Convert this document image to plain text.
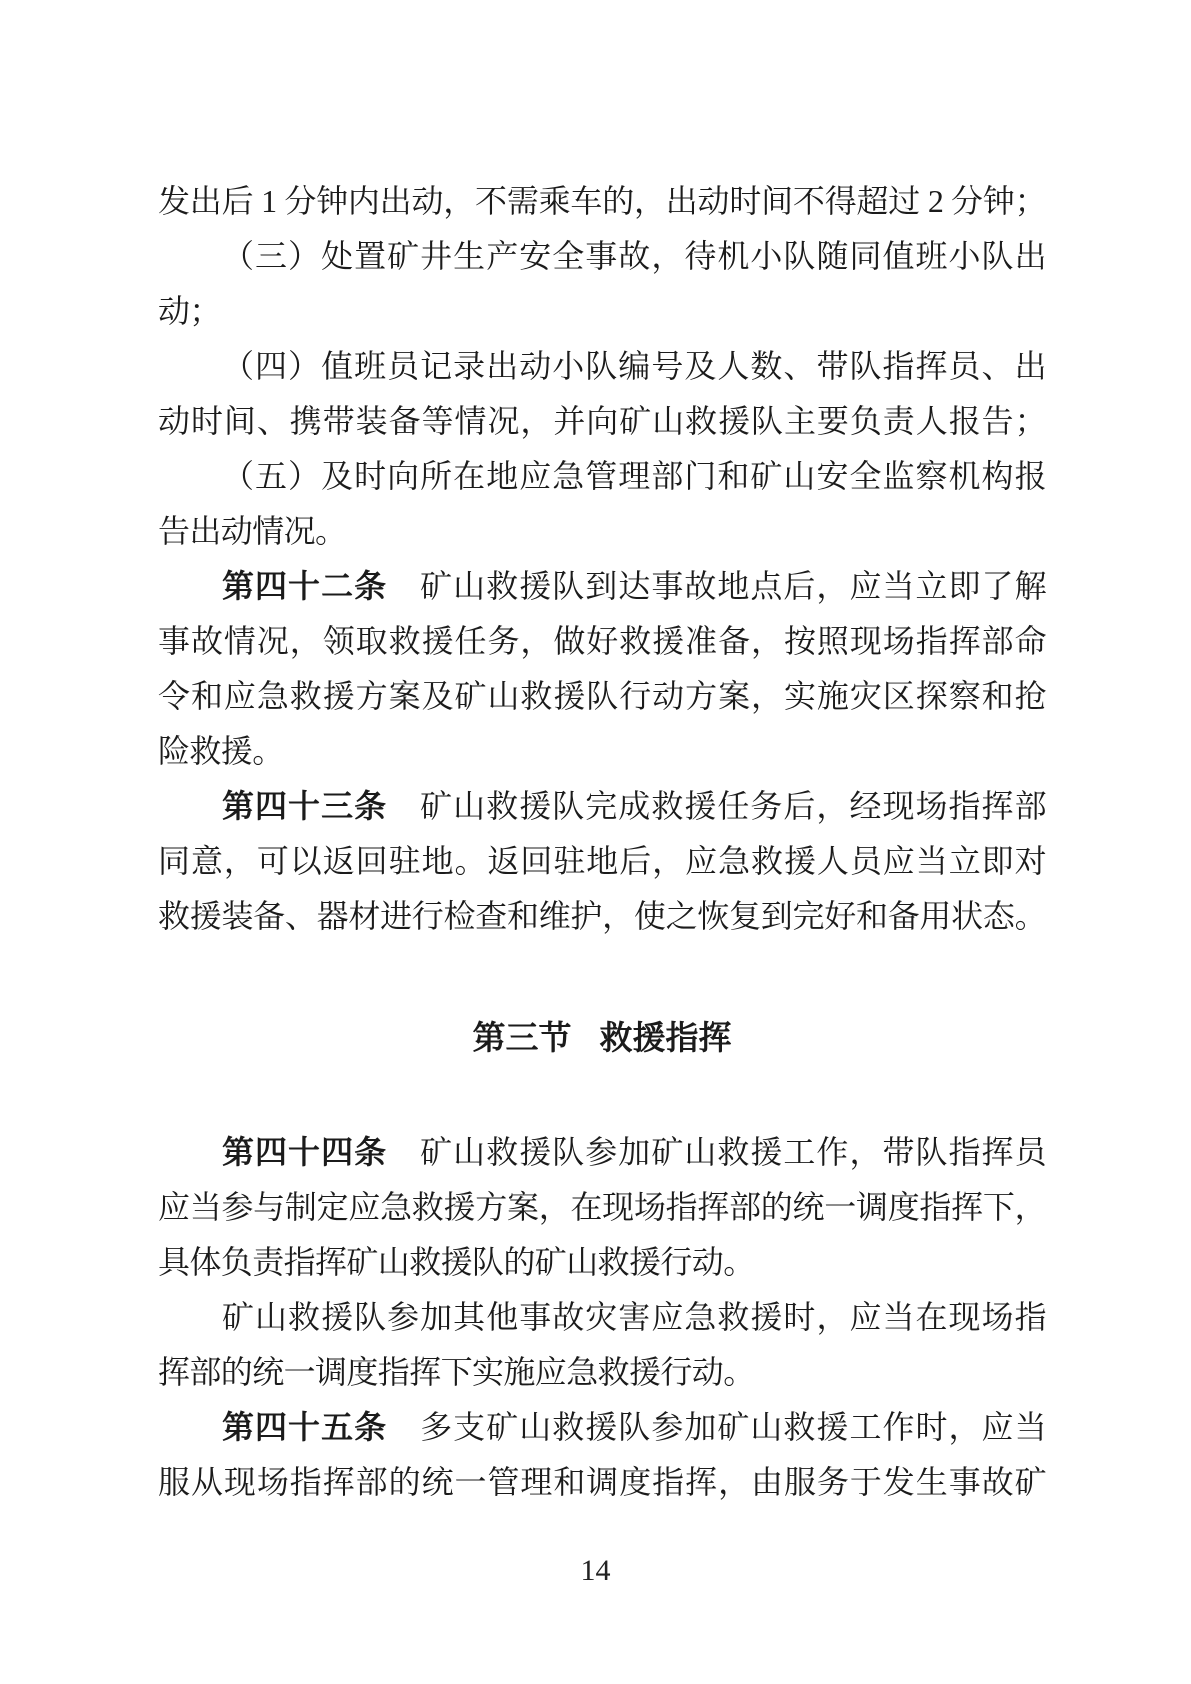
发出后 1 分钟内出动，不需乘车的，出动时间不得超过 2 分钟；
（三）处置矿井生产安全事故，待机小队随同值班小队出
动；
（四）值班员记录出动小队编号及人数、带队指挥员、出
动时间、携带装备等情况，并向矿山救援队主要负责人报告；
（五）及时向所在地应急管理部门和矿山安全监察机构报
告出动情况。
第四十二条　矿山救援队到达事故地点后，应当立即了解
事故情况，领取救援任务，做好救援准备，按照现场指挥部命
令和应急救援方案及矿山救援队行动方案，实施灾区探察和抢
险救援。
第四十三条　矿山救援队完成救援任务后，经现场指挥部
同意，可以返回驻地。返回驻地后，应急救援人员应当立即对
救援装备、器材进行检查和维护，使之恢复到完好和备用状态。
第三节 救援指挥
第四十四条　矿山救援队参加矿山救援工作，带队指挥员
应当参与制定应急救援方案，在现场指挥部的统一调度指挥下，
具体负责指挥矿山救援队的矿山救援行动。
矿山救援队参加其他事故灾害应急救援时，应当在现场指
挥部的统一调度指挥下实施应急救援行动。
第四十五条　多支矿山救援队参加矿山救援工作时，应当
服从现场指挥部的统一管理和调度指挥，由服务于发生事故矿
14
